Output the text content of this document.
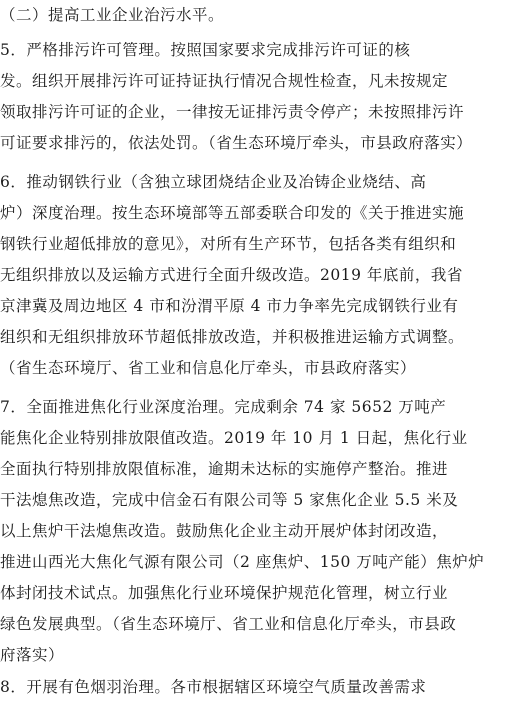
（二）提高工业企业治污水平。
5．严格排污许可管理。按照国家要求完成排污许可证的核
发。组织开展排污许可证持证执行情况合规性检查，凡未按规定
领取排污许可证的企业，一律按无证排污责令停产；未按照排污许
可证要求排污的，依法处罚。（省生态环境厅牵头，市县政府落实）
6．推动钢铁行业（含独立球团烧结企业及冶铸企业烧结、高
炉）深度治理。按生态环境部等五部委联合印发的《关于推进实施
钢铁行业超低排放的意见》，对所有生产环节，包括各类有组织和
无组织排放以及运输方式进行全面升级改造。2019 年底前，我省
京津冀及周边地区 4 市和汾渭平原 4 市力争率先完成钢铁行业有
组织和无组织排放环节超低排放改造，并积极推进运输方式调整。
（省生态环境厅、省工业和信息化厅牵头，市县政府落实）
7．全面推进焦化行业深度治理。完成剩余 74 家 5652 万吨产
能焦化企业特别排放限值改造。2019 年 10 月 1 日起，焦化行业
全面执行特别排放限值标准，逾期未达标的实施停产整治。推进
干法熄焦改造，完成中信金石有限公司等 5 家焦化企业 5.5 米及
以上焦炉干法熄焦改造。鼓励焦化企业主动开展炉体封闭改造，
推进山西光大焦化气源有限公司（2 座焦炉、150 万吨产能）焦炉炉
体封闭技术试点。加强焦化行业环境保护规范化管理，树立行业
绿色发展典型。（省生态环境厅、省工业和信息化厅牵头，市县政
府落实）
8．开展有色烟羽治理。各市根据辖区环境空气质量改善需求
